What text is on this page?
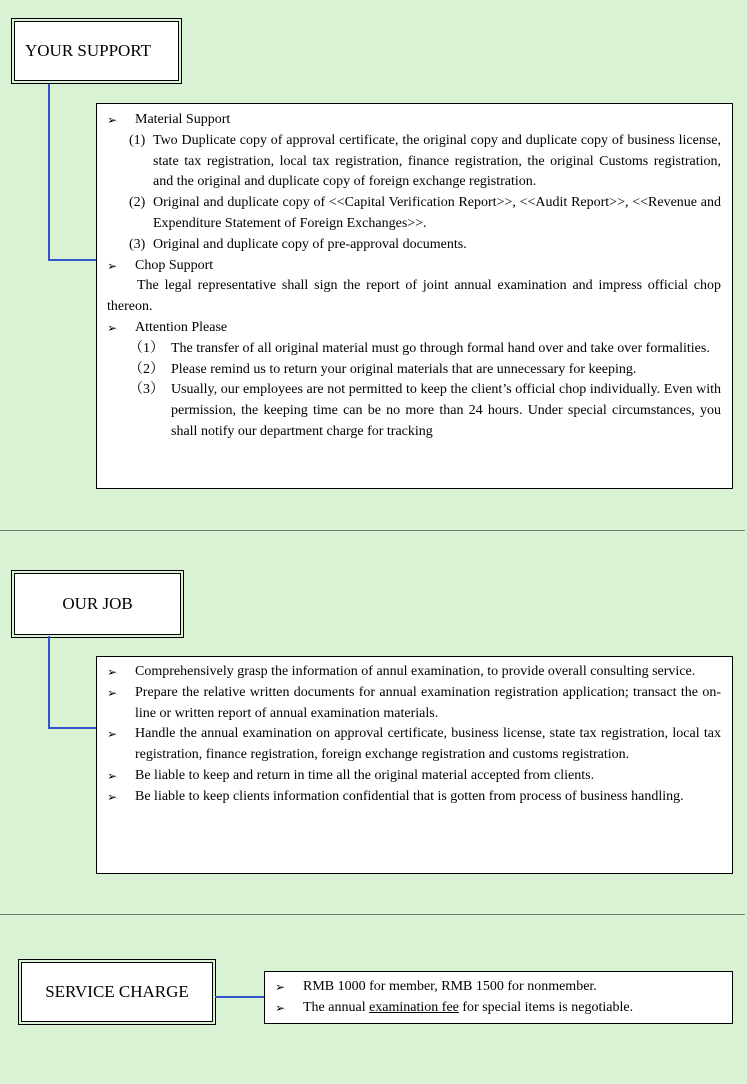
YOUR SUPPORT
➢	Material Support
(1) Two Duplicate copy of approval certificate, the original copy and duplicate copy of business license, state tax registration, local tax registration, finance registration, the original Customs registration, and the original and duplicate copy of foreign exchange registration.
(2) Original and duplicate copy of <<Capital Verification Report>>, <<Audit Report>>, <<Revenue and Expenditure Statement of Foreign Exchanges>>.
(3) Original and duplicate copy of pre-approval documents.
➢	Chop Support
The legal representative shall sign the report of joint annual examination and impress official chop thereon.
➢	Attention Please
（1） The transfer of all original material must go through formal hand over and take over formalities.
（2） Please remind us to return your original materials that are unnecessary for keeping.
（3） Usually, our employees are not permitted to keep the client’s official chop individually. Even with permission, the keeping time can be no more than 24 hours. Under special circumstances, you shall notify our department charge for tracking
OUR JOB
➢	Comprehensively grasp the information of annul examination, to provide overall consulting service.
➢	Prepare the relative written documents for annual examination registration application; transact the on-line or written report of annual examination materials.
➢	Handle the annual examination on approval certificate, business license, state tax registration, local tax registration, finance registration, foreign exchange registration and customs registration.
➢	Be liable to keep and return in time all the original material accepted from clients.
➢	Be liable to keep clients information confidential that is gotten from process of business handling.
SERVICE CHARGE	➢	RMB 1000 for member, RMB 1500 for nonmember.
➢	The annual examination fee for special items is negotiable.
